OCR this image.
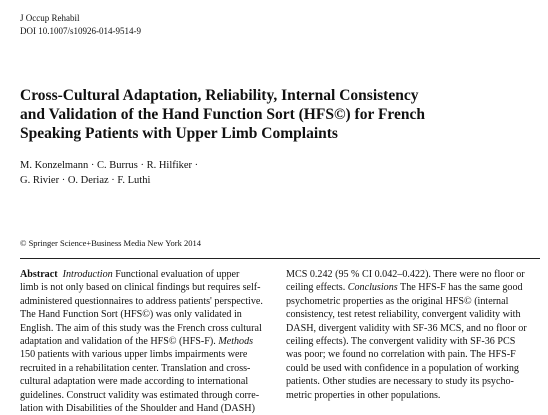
J Occup Rehabil
DOI 10.1007/s10926-014-9514-9
Cross-Cultural Adaptation, Reliability, Internal Consistency
and Validation of the Hand Function Sort (HFS©) for French
Speaking Patients with Upper Limb Complaints
M. Konzelmann · C. Burrus · R. Hilfiker ·
G. Rivier · O. Deriaz · F. Luthi
© Springer Science+Business Media New York 2014
Abstract Introduction Functional evaluation of upper
limb is not only based on clinical findings but requires self-
administered questionnaires to address patients' perspective.
The Hand Function Sort (HFS©) was only validated in
English. The aim of this study was the French cross cultural
adaptation and validation of the HFS© (HFS-F). Methods
150 patients with various upper limbs impairments were
recruited in a rehabilitation center. Translation and cross-
cultural adaptation were made according to international
guidelines. Construct validity was estimated through corre-
lation with Disabilities of the Shoulder and Hand (DASH)
MCS 0.242 (95 % CI 0.042–0.422). There were no floor or
ceiling effects. Conclusions The HFS-F has the same good
psychometric properties as the original HFS© (internal
consistency, test retest reliability, convergent validity with
DASH, divergent validity with SF-36 MCS, and no floor or
ceiling effects). The convergent validity with SF-36 PCS
was poor; we found no correlation with pain. The HFS-F
could be used with confidence in a population of working
patients. Other studies are necessary to study its psycho-
metric properties in other populations.
